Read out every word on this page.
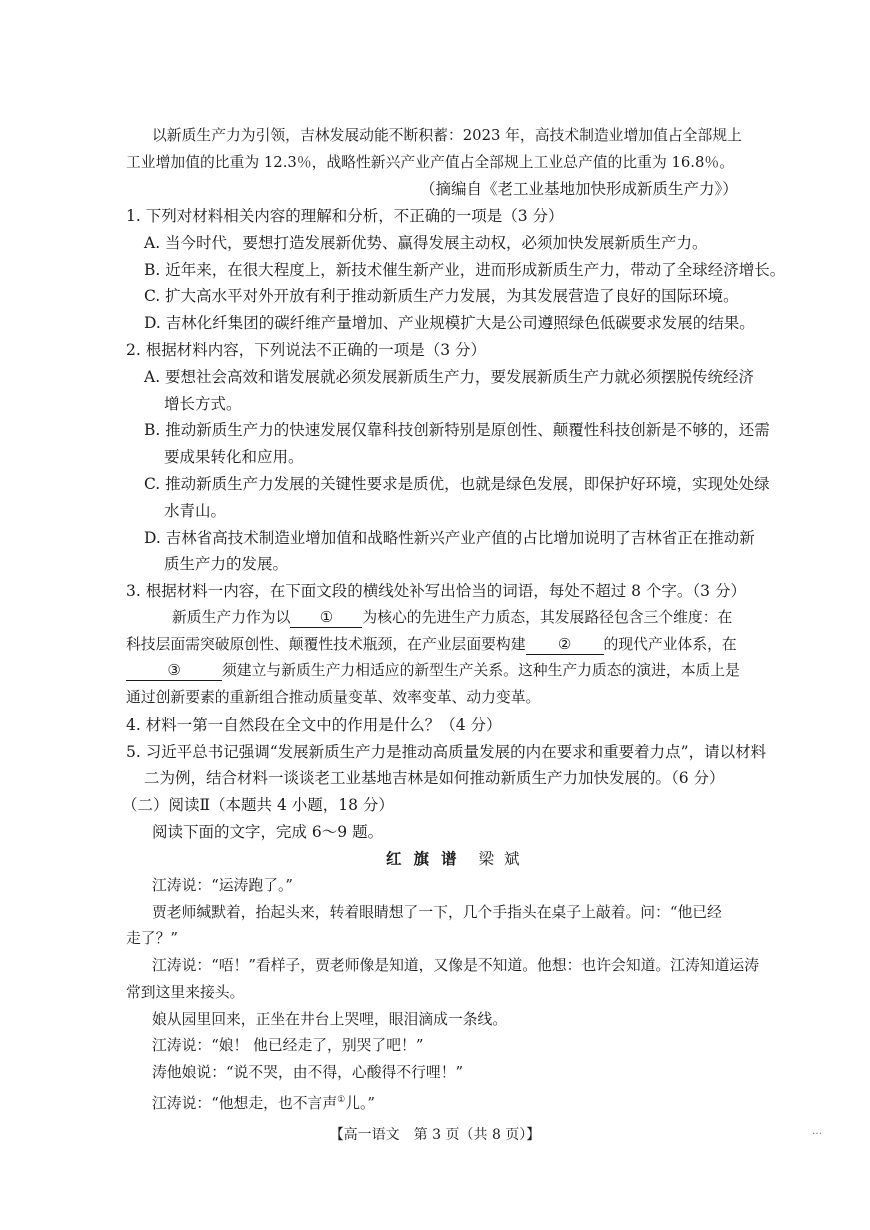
以新质生产力为引领，吉林发展动能不断积蓄：2023 年，高技术制造业增加值占全部规上
工业增加值的比重为 12.3％，战略性新兴产业产值占全部规上工业总产值的比重为 16.8％。
（摘编自《老工业基地加快形成新质生产力》）
1. 下列对材料相关内容的理解和分析，不正确的一项是（3 分）
A. 当今时代，要想打造发展新优势、赢得发展主动权，必须加快发展新质生产力。
B. 近年来，在很大程度上，新技术催生新产业，进而形成新质生产力，带动了全球经济增长。
C. 扩大高水平对外开放有利于推动新质生产力发展，为其发展营造了良好的国际环境。
D. 吉林化纤集团的碳纤维产量增加、产业规模扩大是公司遵照绿色低碳要求发展的结果。
2. 根据材料内容，下列说法不正确的一项是（3 分）
A. 要想社会高效和谐发展就必须发展新质生产力，要发展新质生产力就必须摆脱传统经济
增长方式。
B. 推动新质生产力的快速发展仅靠科技创新特别是原创性、颠覆性科技创新是不够的，还需
要成果转化和应用。
C. 推动新质生产力发展的关键性要求是质优，也就是绿色发展，即保护好环境，实现处处绿
水青山。
D. 吉林省高技术制造业增加值和战略性新兴产业产值的占比增加说明了吉林省正在推动新
质生产力的发展。
3. 根据材料一内容，在下面文段的横线处补写出恰当的词语，每处不超过 8 个字。（3 分）
新质生产力作为以 ① 为核心的先进生产力质态，其发展路径包含三个维度：在
科技层面需突破原创性、颠覆性技术瓶颈，在产业层面要构建 ② 的现代产业体系，在
③	须建立与新质生产力相适应的新型生产关系。这种生产力质态的演进，本质上是
通过创新要素的重新组合推动质量变革、效率变革、动力变革。
4. 材料一第一自然段在全文中的作用是什么？（4 分）
5. 习近平总书记强调“发展新质生产力是推动高质量发展的内在要求和重要着力点”，请以材料
二为例，结合材料一谈谈老工业基地吉林是如何推动新质生产力加快发展的。（6 分）
（二）阅读Ⅱ（本题共 4 小题，18 分）
阅读下面的文字，完成 6～9 题。
红旗谱 梁斌
江涛说：“运涛跑了。”
贾老师缄默着，抬起头来，转着眼睛想了一下，几个手指头在桌子上敲着。问：“他已经
走了？”
江涛说：“唔！”看样子，贾老师像是知道，又像是不知道。他想：也许会知道。江涛知道运涛
常到这里来接头。
娘从园里回来，正坐在井台上哭哩，眼泪滴成一条线。
江涛说：“娘！ 他已经走了，别哭了吧！”
涛他娘说：“说不哭，由不得，心酸得不行哩！”
江涛说：“他想走，也不言声①儿。”
【高一语文　第 3 页（共 8 页）】	…
